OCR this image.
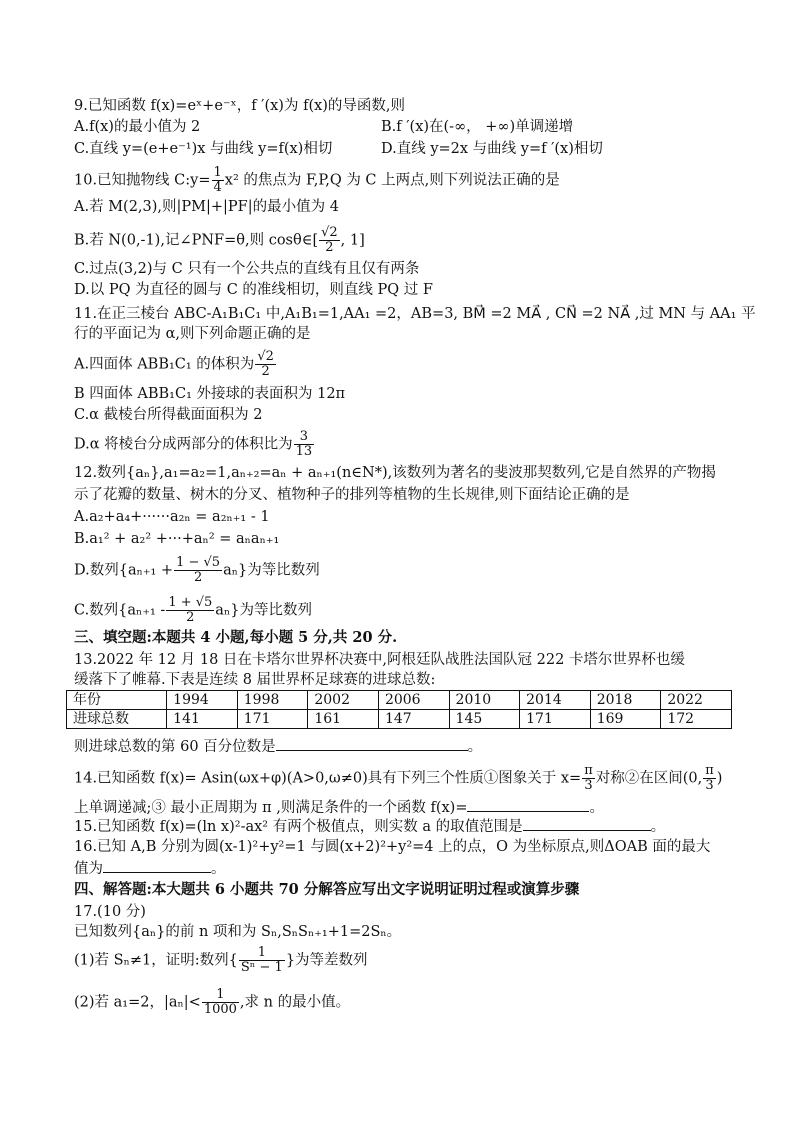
9.已知函数 f(x)=eˣ+e⁻ˣ，f ′(x)为 f(x)的导函数,则
A.f(x)的最小值为 2	B.f ′(x)在(-∞， +∞)单调递增
C.直线 y=(e+e⁻¹)x 与曲线 y=f(x)相切	D.直线 y=2x 与曲线 y=f ′(x)相切
10.已知抛物线 C:y= $\frac{1}{4} x^2$ 的焦点为 F,P,Q 为 C 上两点,则下列说法正确的是
A.若 M(2,3),则|PM|+|PF|的最小值为 4
B.若 N(0,-1),记∠PNF=θ,则 cosθ∈[ $\frac{√2}{2}$ , 1]
C.过点(3,2)与 C 只有一个公共点的直线有且仅有两条
D.以 PQ 为直径的圆与 C 的准线相切，则直线 PQ 过 F
11.在正三棱台 ABC-A₁B₁C₁ 中,A₁B₁=1,AA₁ =2，AB=3, BM⃗ =2 MA⃗ , CN⃗ =2 NA⃗ ,过 MN 与 AA₁ 平
行的平面记为 α,则下列命题正确的是
A.四面体 ABB₁C₁ 的体积为 $\frac{√2}{2}$
B 四面体 ABB₁C₁ 外接球的表面积为 12π
C.α 截棱台所得截面面积为 2
D.α 将棱台分成两部分的体积比为 $\frac{3}{13}$
12.数列{aₙ},a₁=a₂=1,aₙ₊₂=aₙ + aₙ₊₁(n∈N*),该数列为著名的斐波那契数列,它是自然界的产物揭
示了花瓣的数量、树木的分叉、植物种子的排列等植物的生长规律,则下面结论正确的是
A.a₂+a₄+······a₂ₙ = a₂ₙ₊₁ - 1
B.a₁² + a₂² +···+aₙ² = aₙaₙ₊₁
D.数列$\{a_{n+1} + \frac{1 - √5}{2} a_n\}$为等比数列
C.数列$\{a_{n+1} - \frac{1 + √5}{2} a_n\}$为等比数列
三、填空题:本题共 4 小题,每小题 5 分,共 20 分.
13.2022 年 12 月 18 日在卡塔尔世界杯决赛中,阿根廷队战胜法国队冠 222 卡塔尔世界杯也缓
缓落下了帷幕.下表是连续 8 届世界杯足球赛的进球总数:
年份	1994	1998	2002	2006	2010	2014	2018	2022
进球总数	141	171	161	147	145	171	169	172
则进球总数的第 60 百分位数是	。
14.已知函数 f(x)= Asin(ωx+φ)(A>0,ω≠0)具有下列三个性质①图象关于 $x= \frac{\pi}{3}$ 对称②在区间(0, $\frac{\pi}{3}$ )
上单调递减;③ 最小正周期为 π ,则满足条件的一个函数 f(x)=	。
15.已知函数 f(x)=(ln x)²-ax² 有两个极值点，则实数 a 的取值范围是	。
16.已知 A,B 分别为圆(x-1)²+y²=1 与圆(x+2)²+y²=4 上的点，O 为坐标原点,则ΔOAB 面的最大
值为	。
四、解答题:本大题共 6 小题共 70 分解答应写出文字说明证明过程或演算步骤
17.(10 分)
已知数列{aₙ}的前 n 项和为 Sₙ,SₙSₙ₊₁+1=2Sₙ。
(1)若 Sₙ≠1，证明:数列{ $\frac{1}{\text{Sⁿ − 1}}$ }为等差数列
(2)若 a₁=2，$|a_n|< \frac{1}{1000}$ ,求 n 的最小值。
